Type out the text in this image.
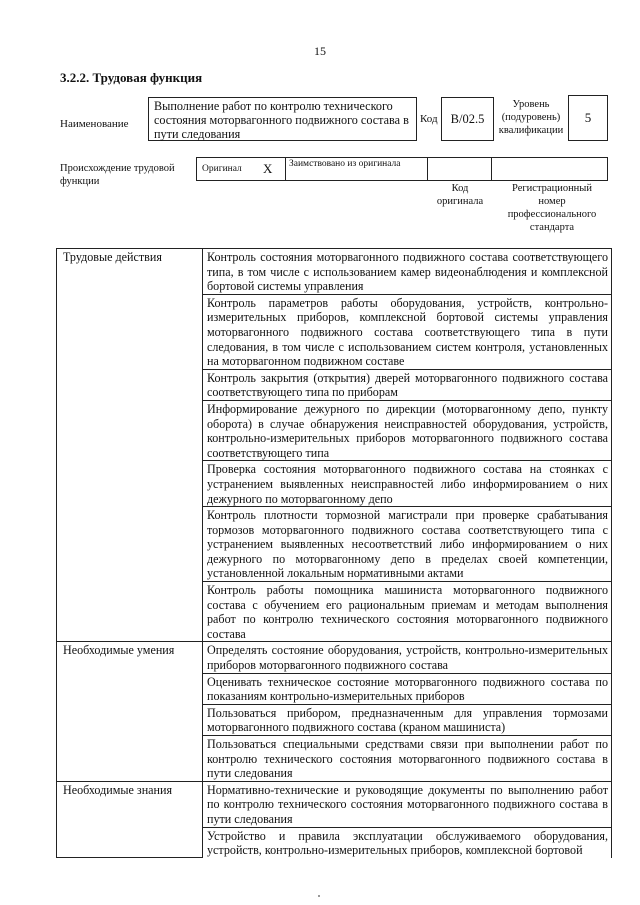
15
3.2.2. Трудовая функция
Наименование
Выполнение работ по контролю технического состояния моторвагонного подвижного состава в пути следования
Код	В/02.5
Уровень (подуровень) квалификации
5
Происхождение трудовой функции
Оригинал X	Заимствовано из оригинала
Код оригинала
Регистрационный номер профессионального стандарта
Трудовые действия	Контроль состояния моторвагонного подвижного состава соответствующего типа, в том числе с использованием камер видеонаблюдения и комплексной бортовой системы управления
	Контроль параметров работы оборудования, устройств, контрольно-измерительных приборов, комплексной бортовой системы управления моторвагонного подвижного состава соответствующего типа в пути следования, в том числе с использованием систем контроля, установленных на моторвагонном подвижном составе
	Контроль закрытия (открытия) дверей моторвагонного подвижного состава соответствующего типа по приборам
	Информирование дежурного по дирекции (моторвагонному депо, пункту оборота) в случае обнаружения неисправностей оборудования, устройств, контрольно-измерительных приборов моторвагонного подвижного состава соответствующего типа
	Проверка состояния моторвагонного подвижного состава на стоянках с устранением выявленных неисправностей либо информированием о них дежурного по моторвагонному депо
	Контроль плотности тормозной магистрали при проверке срабатывания тормозов моторвагонного подвижного состава соответствующего типа с устранением выявленных несоответствий либо информированием о них дежурного по моторвагонному депо в пределах своей компетенции, установленной локальным нормативными актами
	Контроль работы помощника машиниста моторвагонного подвижного состава с обучением его рациональным приемам и методам выполнения работ по контролю технического состояния моторвагонного подвижного состава
Необходимые умения	Определять состояние оборудования, устройств, контрольно-измерительных приборов моторвагонного подвижного состава
	Оценивать техническое состояние моторвагонного подвижного состава по показаниям контрольно-измерительных приборов
	Пользоваться прибором, предназначенным для управления тормозами моторвагонного подвижного состава (краном машиниста)
	Пользоваться специальными средствами связи при выполнении работ по контролю технического состояния моторвагонного подвижного состава в пути следования
Необходимые знания	Нормативно-технические и руководящие документы по выполнению работ по контролю технического состояния моторвагонного подвижного состава в пути следования
	Устройство и правила эксплуатации обслуживаемого оборудования, устройств, контрольно-измерительных приборов, комплексной бортовой
